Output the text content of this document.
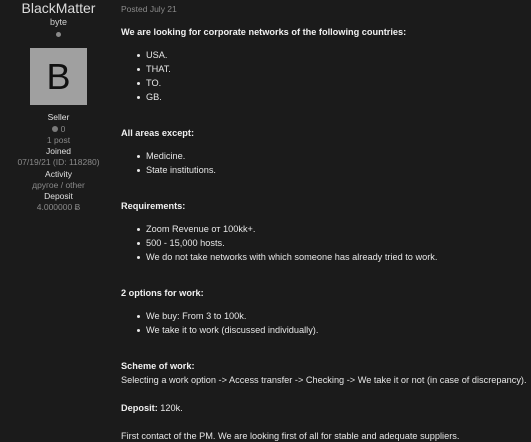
BlackMatter
byte
B
Seller
0
1 post
Joined
07/19/21 (ID: 118280)
Activity
другое / other
Deposit
4.000000 Ƀ
Posted July 21
We are looking for corporate networks of the following countries:
USA.
THAT.
TO.
GB.
All areas except:
Medicine.
State institutions.
Requirements:
Zoom Revenue от 100kk+.
500 - 15,000 hosts.
We do not take networks with which someone has already tried to work.
2 options for work:
We buy: From 3 to 100k.
We take it to work (discussed individually).
Scheme of work:
Selecting a work option -> Access transfer -> Checking -> We take it or not (in case of discrepancy).
Deposit: 120k.
First contact of the PM. We are looking first of all for stable and adequate suppliers.
